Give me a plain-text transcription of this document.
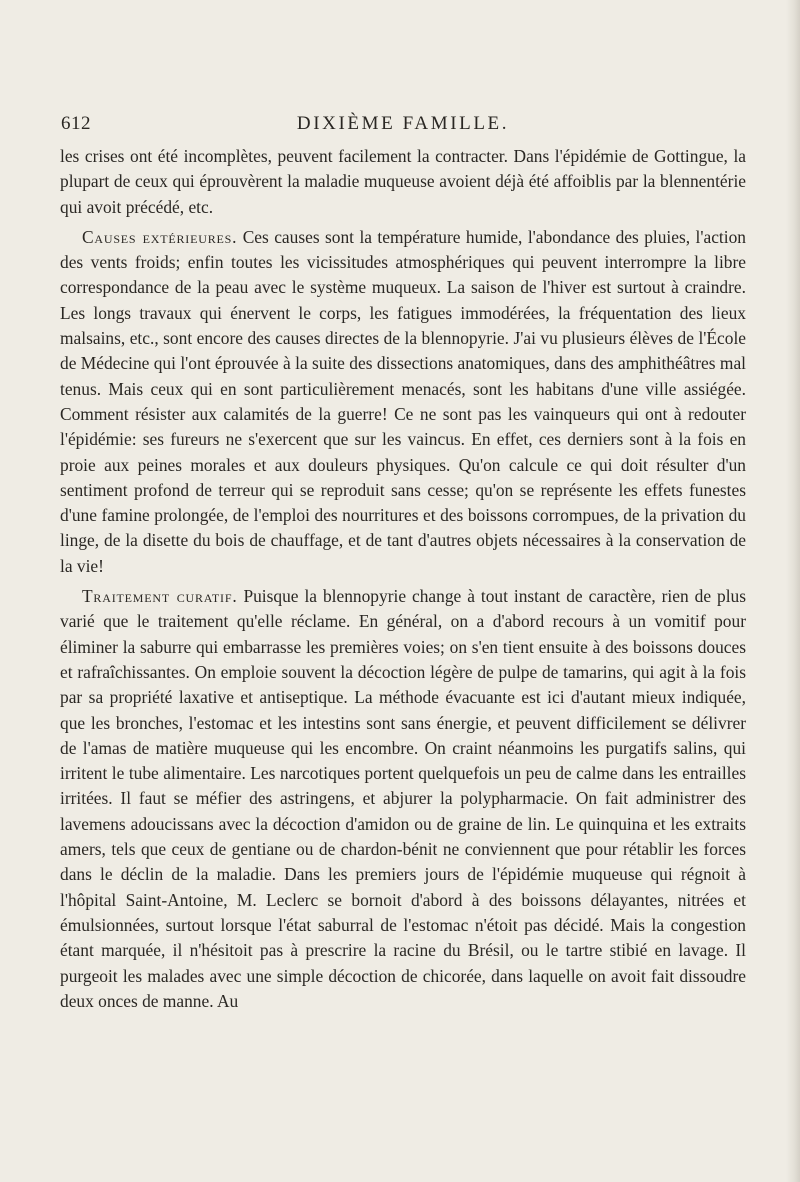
612	DIXIÈME FAMILLE.

les crises ont été incomplètes, peuvent facilement la contracter. Dans l'épidémie de Gottingue, la plupart de ceux qui éprouvèrent la maladie muqueuse avoient déjà été affoiblis par la blennentérie qui avoit précédé, etc.

Causes extérieures. Ces causes sont la température humide, l'abondance des pluies, l'action des vents froids; enfin toutes les vicissitudes atmosphériques qui peuvent interrompre la libre correspondance de la peau avec le système muqueux. La saison de l'hiver est surtout à craindre. Les longs travaux qui énervent le corps, les fatigues immodérées, la fréquentation des lieux malsains, etc., sont encore des causes directes de la blennopyrie. J'ai vu plusieurs élèves de l'École de Médecine qui l'ont éprouvée à la suite des dissections anatomiques, dans des amphithéâtres mal tenus. Mais ceux qui en sont particulièrement menacés, sont les habitans d'une ville assiégée. Comment résister aux calamités de la guerre! Ce ne sont pas les vainqueurs qui ont à redouter l'épidémie: ses fureurs ne s'exercent que sur les vaincus. En effet, ces derniers sont à la fois en proie aux peines morales et aux douleurs physiques. Qu'on calcule ce qui doit résulter d'un sentiment profond de terreur qui se reproduit sans cesse; qu'on se représente les effets funestes d'une famine prolongée, de l'emploi des nourritures et des boissons corrompues, de la privation du linge, de la disette du bois de chauffage, et de tant d'autres objets nécessaires à la conservation de la vie!

Traitement curatif. Puisque la blennopyrie change à tout instant de caractère, rien de plus varié que le traitement qu'elle réclame. En général, on a d'abord recours à un vomitif pour éliminer la saburre qui embarrasse les premières voies; on s'en tient ensuite à des boissons douces et rafraîchissantes. On emploie souvent la décoction légère de pulpe de tamarins, qui agit à la fois par sa propriété laxative et antiseptique. La méthode évacuante est ici d'autant mieux indiquée, que les bronches, l'estomac et les intestins sont sans énergie, et peuvent difficilement se délivrer de l'amas de matière muqueuse qui les encombre. On craint néanmoins les purgatifs salins, qui irritent le tube alimentaire. Les narcotiques portent quelquefois un peu de calme dans les entrailles irritées. Il faut se méfier des astringens, et abjurer la polypharmacie. On fait administrer des lavemens adoucissans avec la décoction d'amidon ou de graine de lin. Le quinquina et les extraits amers, tels que ceux de gentiane ou de chardon-bénit ne conviennent que pour rétablir les forces dans le déclin de la maladie. Dans les premiers jours de l'épidémie muqueuse qui régnoit à l'hôpital Saint-Antoine, M. Leclerc se bornoit d'abord à des boissons délayantes, nitrées et émulsionnées, surtout lorsque l'état saburral de l'estomac n'étoit pas décidé. Mais la congestion étant marquée, il n'hésitoit pas à prescrire la racine du Brésil, ou le tartre stibié en lavage. Il purgeoit les malades avec une simple décoction de chicorée, dans laquelle on avoit fait dissoudre deux onces de manne. Au
